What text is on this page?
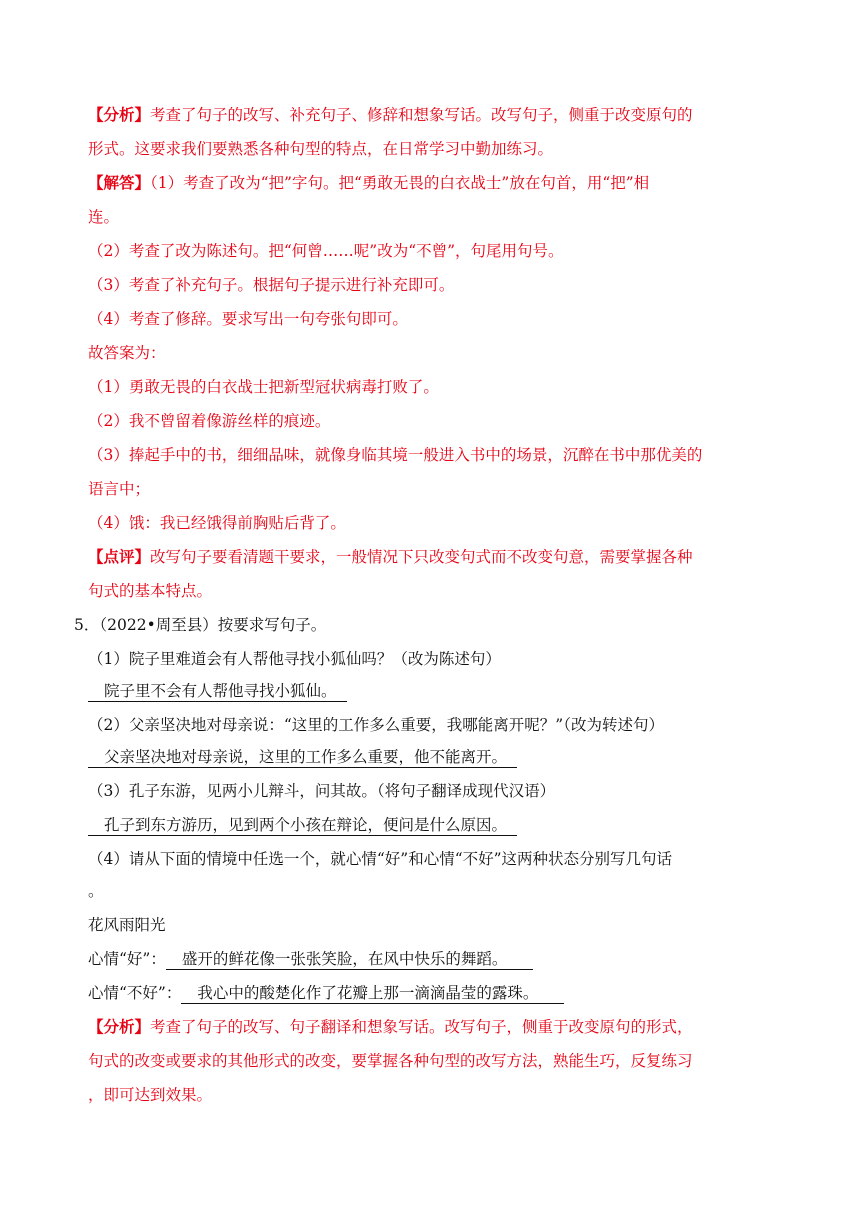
【分析】考查了句子的改写、补充句子、修辞和想象写话。改写句子，侧重于改变原句的
形式。这要求我们要熟悉各种句型的特点，在日常学习中勤加练习。
【解答】（1）考查了改为“把”字句。把“勇敢无畏的白衣战士”放在句首，用“把”相
连。
（2）考查了改为陈述句。把“何曾……呢”改为“不曾”，句尾用句号。
（3）考查了补充句子。根据句子提示进行补充即可。
（4）考查了修辞。要求写出一句夸张句即可。
故答案为：
（1）勇敢无畏的白衣战士把新型冠状病毒打败了。
（2）我不曾留着像游丝样的痕迹。
（3）捧起手中的书，细细品味，就像身临其境一般进入书中的场景，沉醉在书中那优美的
语言中；
（4）饿：我已经饿得前胸贴后背了。
【点评】改写句子要看清题干要求，一般情况下只改变句式而不改变句意，需要掌握各种
句式的基本特点。
5．（2022•周至县）按要求写句子。
（1）院子里难道会有人帮他寻找小狐仙吗？（改为陈述句）
院子里不会有人帮他寻找小狐仙。
（2）父亲坚决地对母亲说：“这里的工作多么重要，我哪能离开呢？”（改为转述句）
父亲坚决地对母亲说，这里的工作多么重要，他不能离开。
（3）孔子东游，见两小儿辩斗，问其故。（将句子翻译成现代汉语）
孔子到东方游历，见到两个小孩在辩论，便问是什么原因。
（4）请从下面的情境中任选一个，就心情“好”和心情“不好”这两种状态分别写几句话
。
花风雨阳光
心情“好”： 盛开的鲜花像一张张笑脸，在风中快乐的舞蹈。
心情“不好”： 我心中的酸楚化作了花瓣上那一滴滴晶莹的露珠。
【分析】考查了句子的改写、句子翻译和想象写话。改写句子，侧重于改变原句的形式，
句式的改变或要求的其他形式的改变，要掌握各种句型的改写方法，熟能生巧，反复练习
，即可达到效果。
